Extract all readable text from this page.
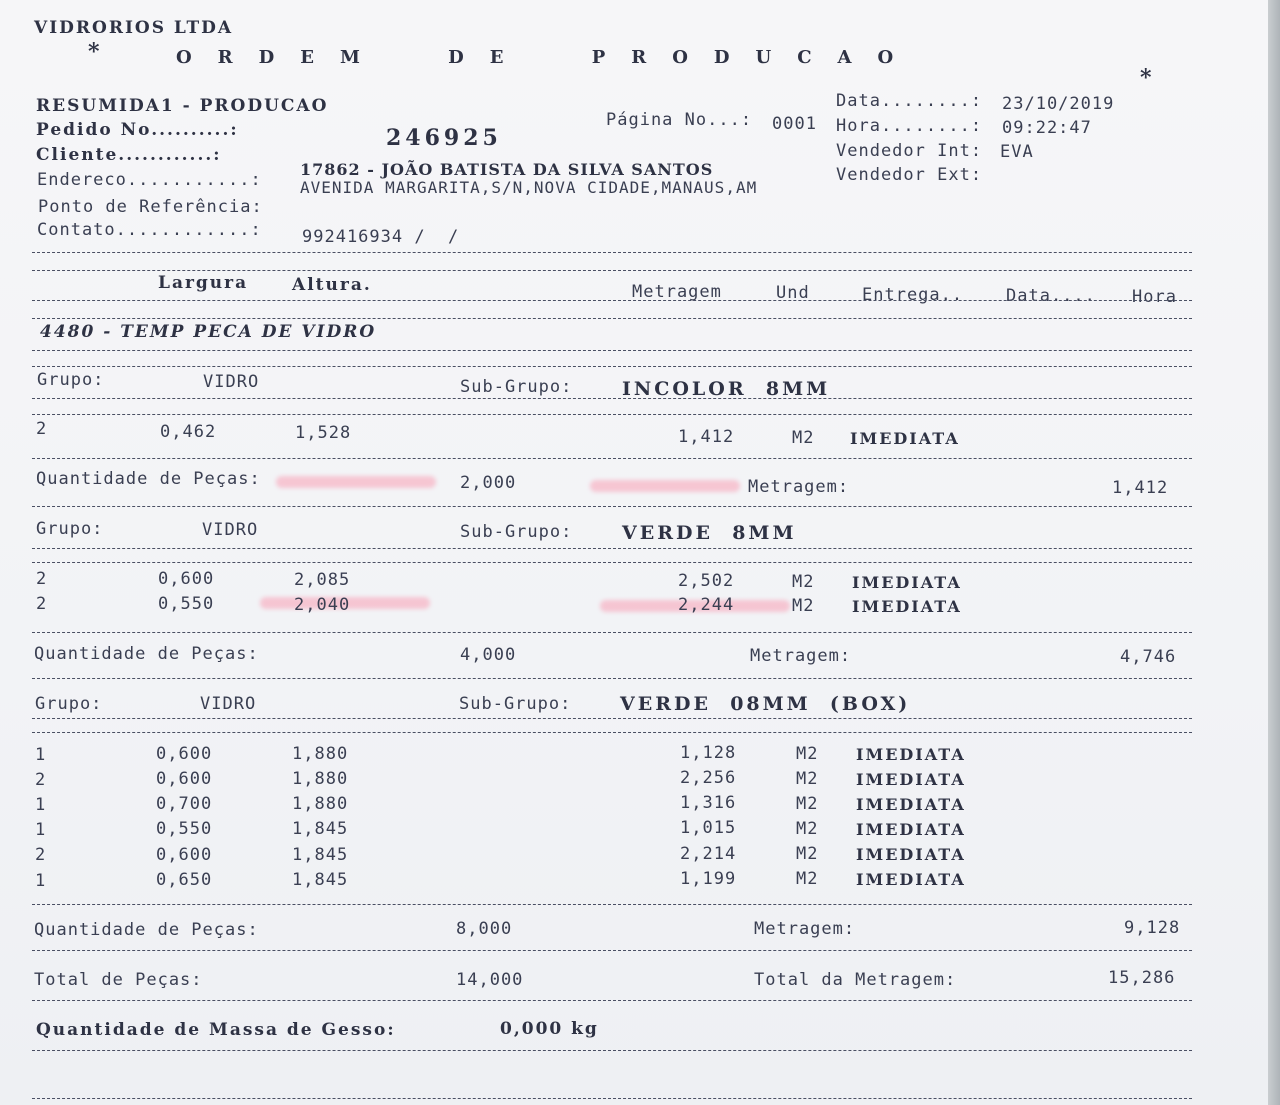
VIDRORIOS LTDA
*	ORDEM DE PRODUCAO
*
RESUMIDA1 - PRODUCAO
Pedido No..........:	246925
Cliente............:
17862 - JOÃO BATISTA DA SILVA SANTOS
Endereco...........: AVENIDA MARGARITA,S/N,NOVA CIDADE,MANAUS,AM
Ponto de Referência:
Contato............: 992416934 /  /
Página No...: 0001
Data........: 23/10/2019
Hora........: 09:22:47
Vendedor Int: EVA
Vendedor Ext:
Largura	Altura.	Metragem	Und	Entrega..	Data.... Hora
4480 - TEMP PECA DE VIDRO
Grupo:	VIDRO	Sub-Grupo:	INCOLOR  8MM
2	0,462	1,528	1,412	M2 IMEDIATA
Quantidade de Peças:	2,000	Metragem:	1,412
Grupo:	VIDRO	Sub-Grupo:	VERDE  8MM
2	0,600	2,085	2,502	M2 IMEDIATA
2	0,550	2,040	2,244	M2 IMEDIATA
Quantidade de Peças:	4,000	Metragem:	4,746
Grupo:	VIDRO	Sub-Grupo:	VERDE  08MM  (BOX)
1	0,600	1,880	1,128	M2 IMEDIATA
2	0,600	1,880	2,256	M2 IMEDIATA
1	0,700	1,880	1,316	M2 IMEDIATA
1	0,550	1,845	1,015	M2 IMEDIATA
2	0,600	1,845	2,214	M2 IMEDIATA
1	0,650	1,845	1,199	M2 IMEDIATA
Quantidade de Peças:	8,000	Metragem:	9,128
Total de Peças:	14,000	Total da Metragem:	15,286
Quantidade de Massa de Gesso:	0,000 kg
